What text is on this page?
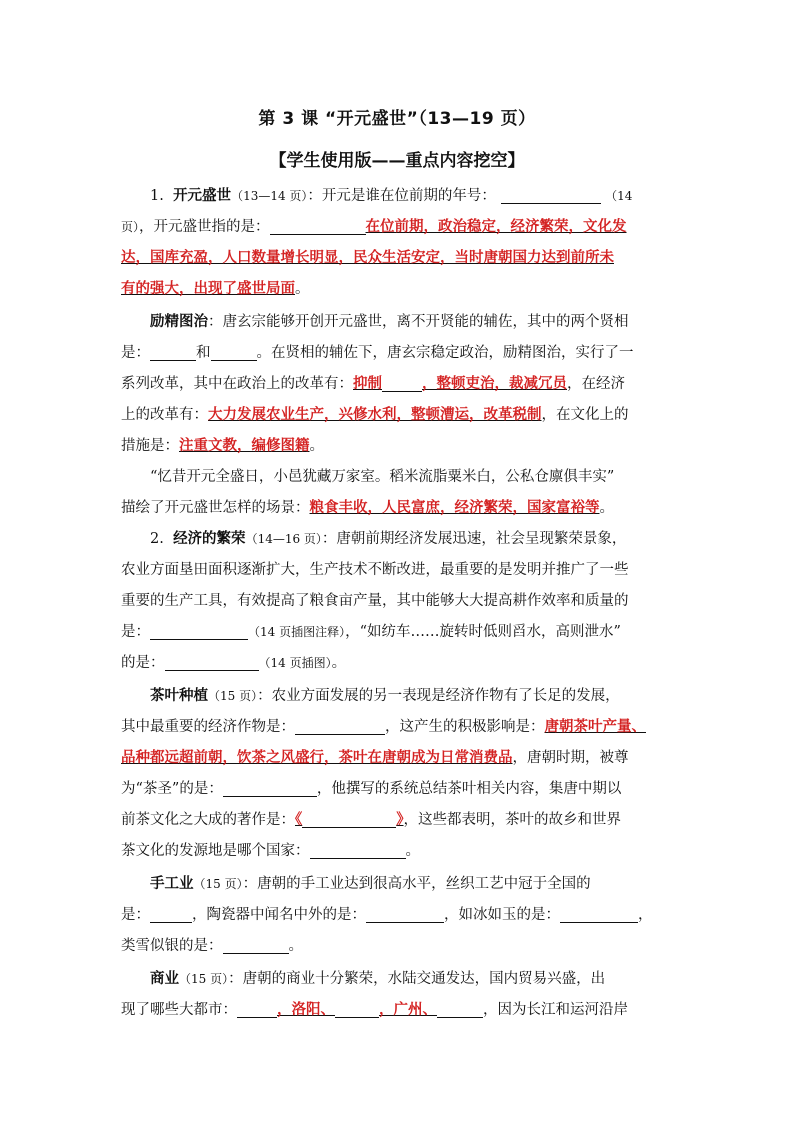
第 3 课 “开元盛世”（13—19 页）
【学生使用版——重点内容挖空】
1. 开元盛世（13—14 页）：开元是谁在位前期的年号：	（14
页），开元盛世指的是：	在位前期，政治稳定，经济繁荣，文化发
达，国库充盈，人口数量增长明显，民众生活安定，当时唐朝国力达到前所未
有的强大，出现了盛世局面。
励精图治：唐玄宗能够开创开元盛世，离不开贤能的辅佐，其中的两个贤相
是：	和	。在贤相的辅佐下，唐玄宗稳定政治，励精图治，实行了一
系列改革，其中在政治上的改革有：抑制	，整顿吏治，裁减冗员，在经济
上的改革有：大力发展农业生产，兴修水利，整顿漕运，改革税制，在文化上的
措施是：注重文教，编修图籍。
“忆昔开元全盛日，小邑犹藏万家室。稻米流脂粟米白，公私仓廪俱丰实”
描绘了开元盛世怎样的场景：粮食丰收，人民富庶，经济繁荣，国家富裕等。
2. 经济的繁荣（14—16 页）：唐朝前期经济发展迅速，社会呈现繁荣景象，
农业方面垦田面积逐渐扩大，生产技术不断改进，最重要的是发明并推广了一些
重要的生产工具，有效提高了粮食亩产量，其中能够大大提高耕作效率和质量的
是：	（14 页插图注释），“如纺车……旋转时低则舀水，高则泄水”
的是：	（14 页插图）。
茶叶种植（15 页）：农业方面发展的另一表现是经济作物有了长足的发展，
其中最重要的经济作物是：	，这产生的积极影响是：唐朝茶叶产量、
品种都远超前朝，饮茶之风盛行，茶叶在唐朝成为日常消费品，唐朝时期，被尊
为“茶圣”的是：	，他撰写的系统总结茶叶相关内容，集唐中期以
前茶文化之大成的著作是：《	》，这些都表明，茶叶的故乡和世界
茶文化的发源地是哪个国家：	。
手工业（15 页）：唐朝的手工业达到很高水平，丝织工艺中冠于全国的
是：	，陶瓷器中闻名中外的是：	，如冰如玉的是：	，
类雪似银的是：	。
商业（15 页）：唐朝的商业十分繁荣，水陆交通发达，国内贸易兴盛，出
现了哪些大都市：	，洛阳、	，广州、	，因为长江和运河沿岸
